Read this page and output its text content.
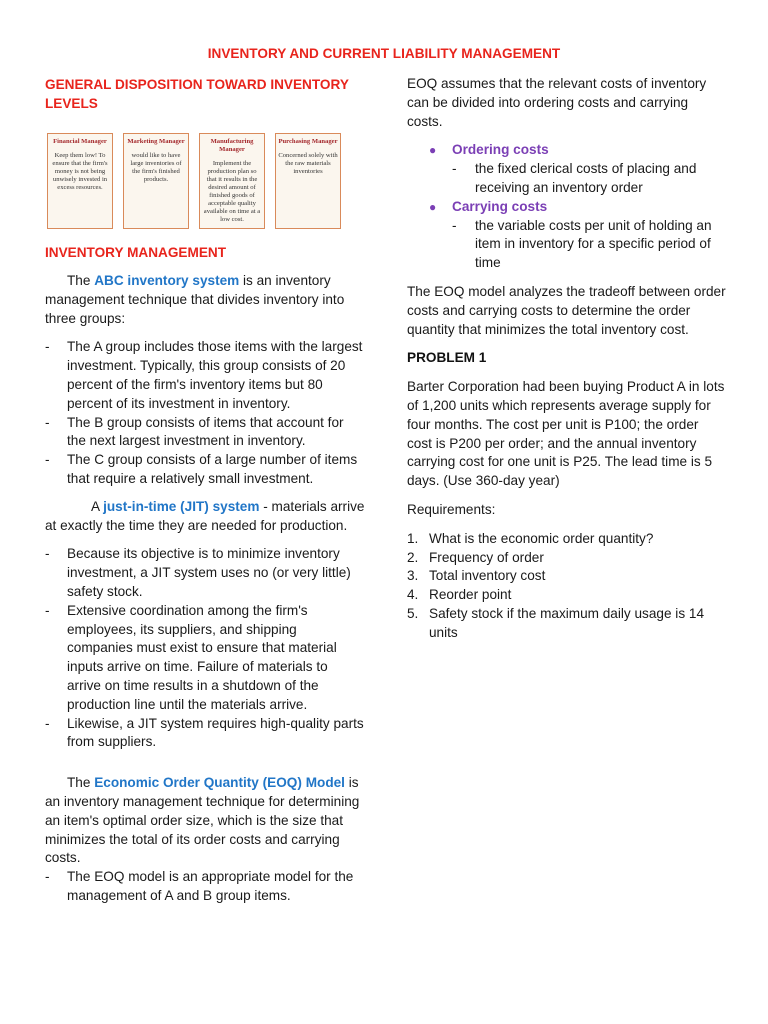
INVENTORY AND CURRENT LIABILITY MANAGEMENT
GENERAL DISPOSITION TOWARD INVENTORY LEVELS
Financial Manager
Keep them low! To ensure that the firm's money is not being unwisely invested in excess resources.
Marketing Manager
would like to have large inventories of the firm's finished products.
Manufacturing Manager
Implement the production plan so that it results in the desired amount of finished goods of acceptable quality available on time at a low cost.
Purchasing Manager
Concerned solely with the raw materials inventories
INVENTORY MANAGEMENT

The ABC inventory system is an inventory management technique that divides inventory into three groups:

- The A group includes those items with the largest investment. Typically, this group consists of 20 percent of the firm's inventory items but 80 percent of its investment in inventory.
- The B group consists of items that account for the next largest investment in inventory.
- The C group consists of a large number of items that require a relatively small investment.

A just-in-time (JIT) system - materials arrive at exactly the time they are needed for production.

- Because its objective is to minimize inventory investment, a JIT system uses no (or very little) safety stock.
- Extensive coordination among the firm's employees, its suppliers, and shipping companies must exist to ensure that material inputs arrive on time. Failure of materials to arrive on time results in a shutdown of the production line until the materials arrive.
- Likewise, a JIT system requires high-quality parts from suppliers.

The Economic Order Quantity (EOQ) Model is an inventory management technique for determining an item's optimal order size, which is the size that minimizes the total of its order costs and carrying costs.

- The EOQ model is an appropriate model for the management of A and B group items.

EOQ assumes that the relevant costs of inventory can be divided into ordering costs and carrying costs.

● Ordering costs
- the fixed clerical costs of placing and receiving an inventory order
● Carrying costs
- the variable costs per unit of holding an item in inventory for a specific period of time

The EOQ model analyzes the tradeoff between order costs and carrying costs to determine the order quantity that minimizes the total inventory cost.

PROBLEM 1

Barter Corporation had been buying Product A in lots of 1,200 units which represents average supply for four months. The cost per unit is P100; the order cost is P200 per order; and the annual inventory carrying cost for one unit is P25. The lead time is 5 days. (Use 360-day year)

Requirements:

1. What is the economic order quantity?
2. Frequency of order
3. Total inventory cost
4. Reorder point
5. Safety stock if the maximum daily usage is 14 units
